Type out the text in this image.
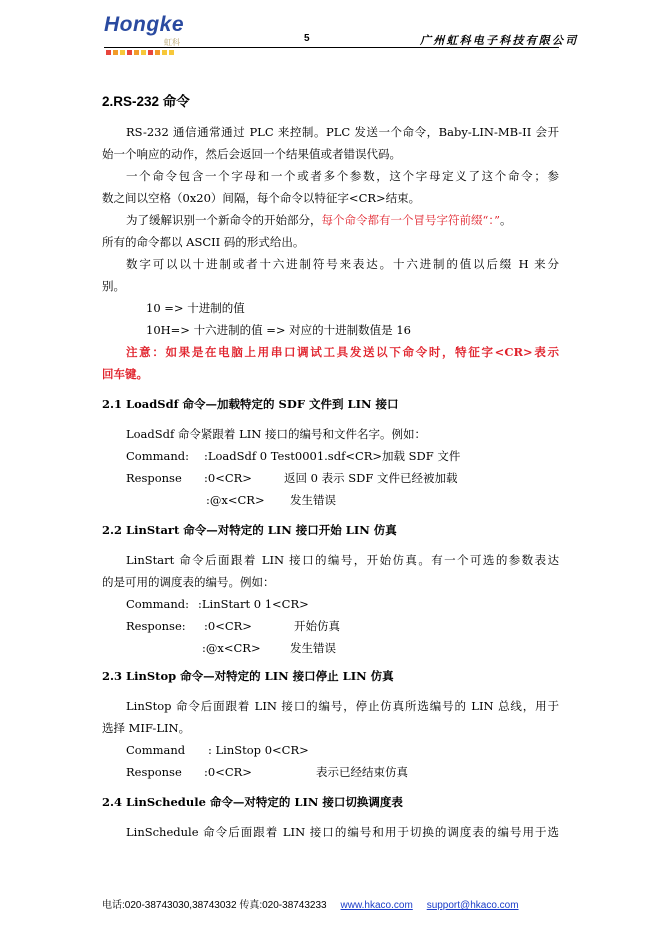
Hongke
虹科	5	广州虹科电子科技有限公司
2.RS-232 命令
RS-232 通信通常通过 PLC 来控制。PLC 发送一个命令，Baby-LIN-MB-II 会开
始一个响应的动作，然后会返回一个结果值或者错误代码。
一个命令包含一个字母和一个或者多个参数，这个字母定义了这个命令；参
数之间以空格（0x20）间隔，每个命令以特征字<CR>结束。
为了缓解识别一个新命令的开始部分，每个命令都有一个冒号字符前缀“：”。
所有的命令都以 ASCII 码的形式给出。
数字可以以十进制或者十六进制符号来表达。十六进制的值以后缀 H 来分
别。
10 => 十进制的值
10H=> 十六进制的值 => 对应的十进制数值是 16
注意：如果是在电脑上用串口调试工具发送以下命令时，特征字<CR>表示
回车键。
2.1 LoadSdf 命令—加载特定的 SDF 文件到 LIN 接口
LoadSdf 命令紧跟着 LIN 接口的编号和文件名字。例如：
Command: :LoadSdf 0 Test0001.sdf<CR> 加载 SDF 文件
Response :0<CR>	返回 0 表示 SDF 文件已经被加载
:@x<CR> 发生错误
2.2 LinStart 命令—对特定的 LIN 接口开始 LIN 仿真
LinStart 命令后面跟着 LIN 接口的编号，开始仿真。有一个可选的参数表达
的是可用的调度表的编号。例如：
Command: :LinStart 0 1<CR>
Response: :0<CR>	开始仿真
:@x<CR>	发生错误
2.3 LinStop 命令—对特定的 LIN 接口停止 LIN 仿真
LinStop 命令后面跟着 LIN 接口的编号，停止仿真所选编号的 LIN 总线，用于
选择 MIF-LIN。
Command : LinStop 0<CR>
Response :0<CR>	表示已经结束仿真
2.4 LinSchedule 命令—对特定的 LIN 接口切换调度表
LinSchedule 命令后面跟着 LIN 接口的编号和用于切换的调度表的编号用于选
电话:020-38743030,38743032 传真:020-38743233 www.hkaco.com support@hkaco.com
